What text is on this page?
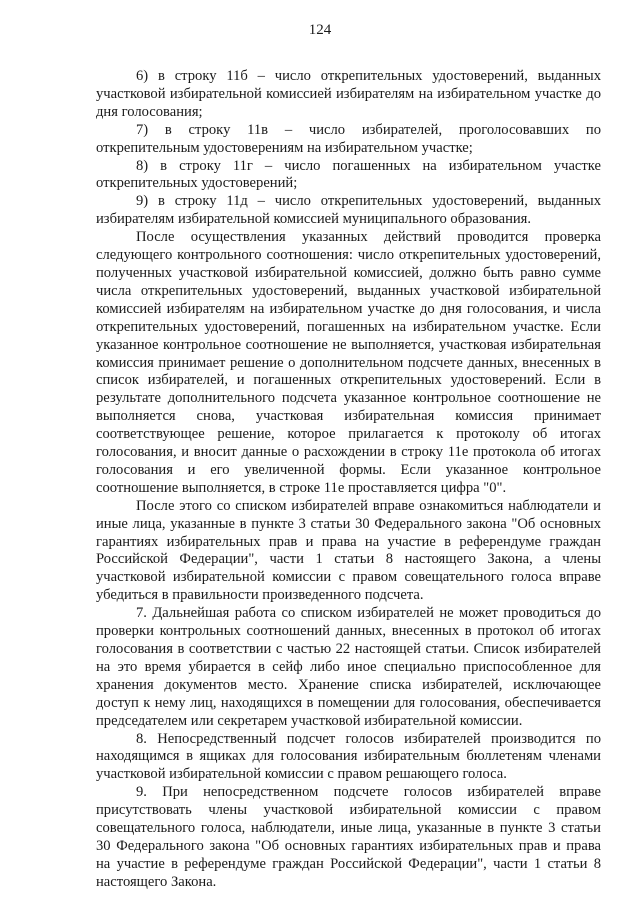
124

6) в строку 11б – число открепительных удостоверений, выданных участковой избирательной комиссией избирателям на избирательном участке до дня голосования;

7) в строку 11в – число избирателей, проголосовавших по открепительным удостоверениям на избирательном участке;

8) в строку 11г – число погашенных на избирательном участке открепительных удостоверений;

9) в строку 11д – число открепительных удостоверений, выданных избирателям избирательной комиссией муниципального образования.

После осуществления указанных действий проводится проверка следующего контрольного соотношения: число открепительных удостоверений, полученных участковой избирательной комиссией, должно быть равно сумме числа открепительных удостоверений, выданных участковой избирательной комиссией избирателям на избирательном участке до дня голосования, и числа открепительных удостоверений, погашенных на избирательном участке. Если указанное контрольное соотношение не выполняется, участковая избирательная комиссия принимает решение о дополнительном подсчете данных, внесенных в список избирателей, и погашенных открепительных удостоверений. Если в результате дополнительного подсчета указанное контрольное соотношение не выполняется снова, участковая избирательная комиссия принимает соответствующее решение, которое прилагается к протоколу об итогах голосования, и вносит данные о расхождении в строку 11е протокола об итогах голосования и его увеличенной формы. Если указанное контрольное соотношение выполняется, в строке 11е проставляется цифра "0".

После этого со списком избирателей вправе ознакомиться наблюдатели и иные лица, указанные в пункте 3 статьи 30 Федерального закона "Об основных гарантиях избирательных прав и права на участие в референдуме граждан Российской Федерации", части 1 статьи 8 настоящего Закона, а члены участковой избирательной комиссии с правом совещательного голоса вправе убедиться в правильности произведенного подсчета.

7. Дальнейшая работа со списком избирателей не может проводиться до проверки контрольных соотношений данных, внесенных в протокол об итогах голосования в соответствии с частью 22 настоящей статьи. Список избирателей на это время убирается в сейф либо иное специально приспособленное для хранения документов место. Хранение списка избирателей, исключающее доступ к нему лиц, находящихся в помещении для голосования, обеспечивается председателем или секретарем участковой избирательной комиссии.

8. Непосредственный подсчет голосов избирателей производится по находящимся в ящиках для голосования избирательным бюллетеням членами участковой избирательной комиссии с правом решающего голоса.

9. При непосредственном подсчете голосов избирателей вправе присутствовать члены участковой избирательной комиссии с правом совещательного голоса, наблюдатели, иные лица, указанные в пункте 3 статьи 30 Федерального закона "Об основных гарантиях избирательных прав и права на участие в референдуме граждан Российской Федерации", части 1 статьи 8 настоящего Закона.
